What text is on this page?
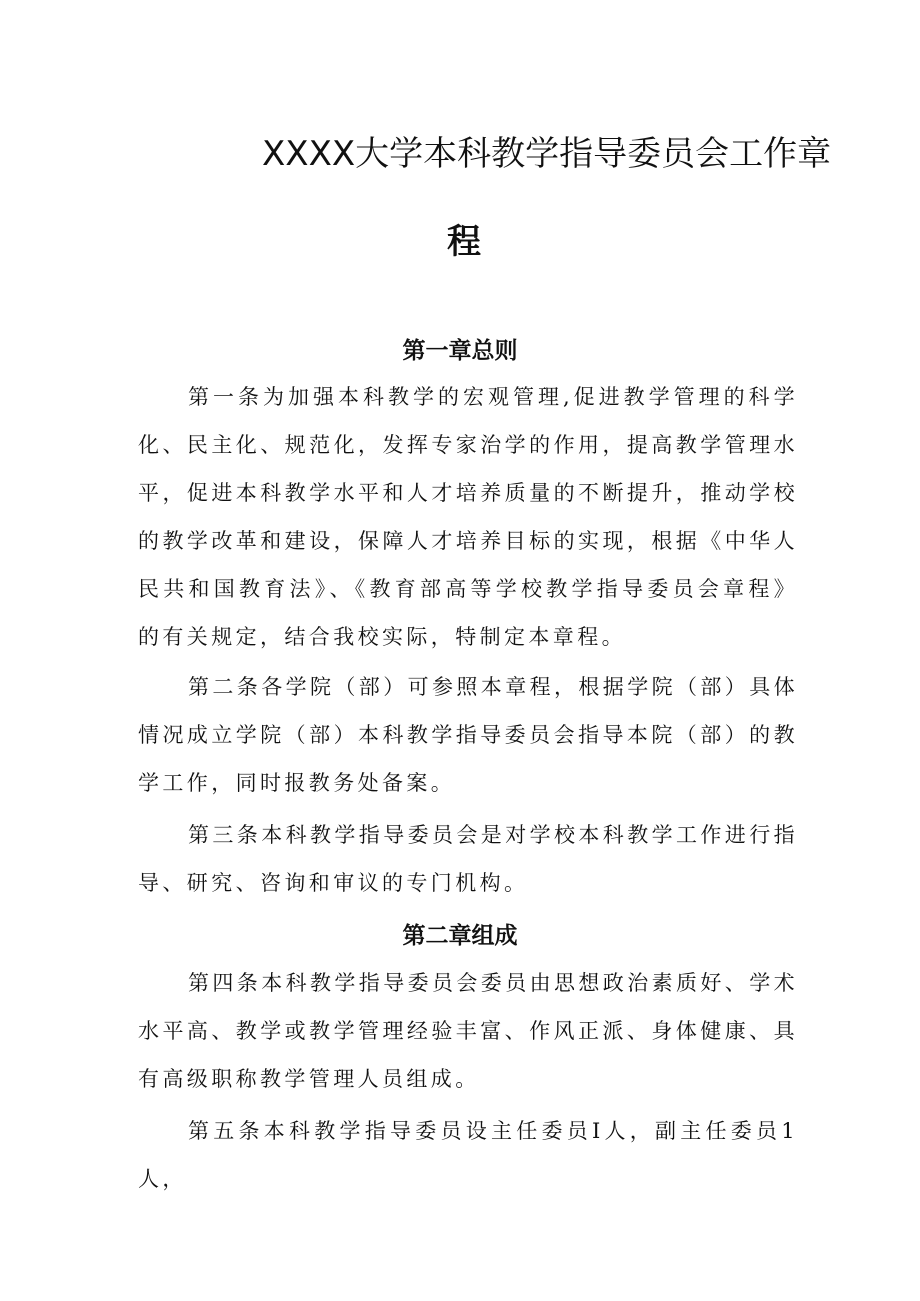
XXXX大学本科教学指导委员会工作章
程
第一章总则

第一条为加强本科教学的宏观管理,促进教学管理的科学化、民主化、规范化，发挥专家治学的作用，提高教学管理水平，促进本科教学水平和人才培养质量的不断提升，推动学校的教学改革和建设，保障人才培养目标的实现，根据《中华人民共和国教育法》、《教育部高等学校教学指导委员会章程》的有关规定，结合我校实际，特制定本章程。

第二条各学院（部）可参照本章程，根据学院（部）具体情况成立学院（部）本科教学指导委员会指导本院（部）的教学工作，同时报教务处备案。

第三条本科教学指导委员会是对学校本科教学工作进行指导、研究、咨询和审议的专门机构。

第二章组成

第四条本科教学指导委员会委员由思想政治素质好、学术水平高、教学或教学管理经验丰富、作风正派、身体健康、具有高级职称教学管理人员组成。

第五条本科教学指导委员设主任委员I人，副主任委员1人，
